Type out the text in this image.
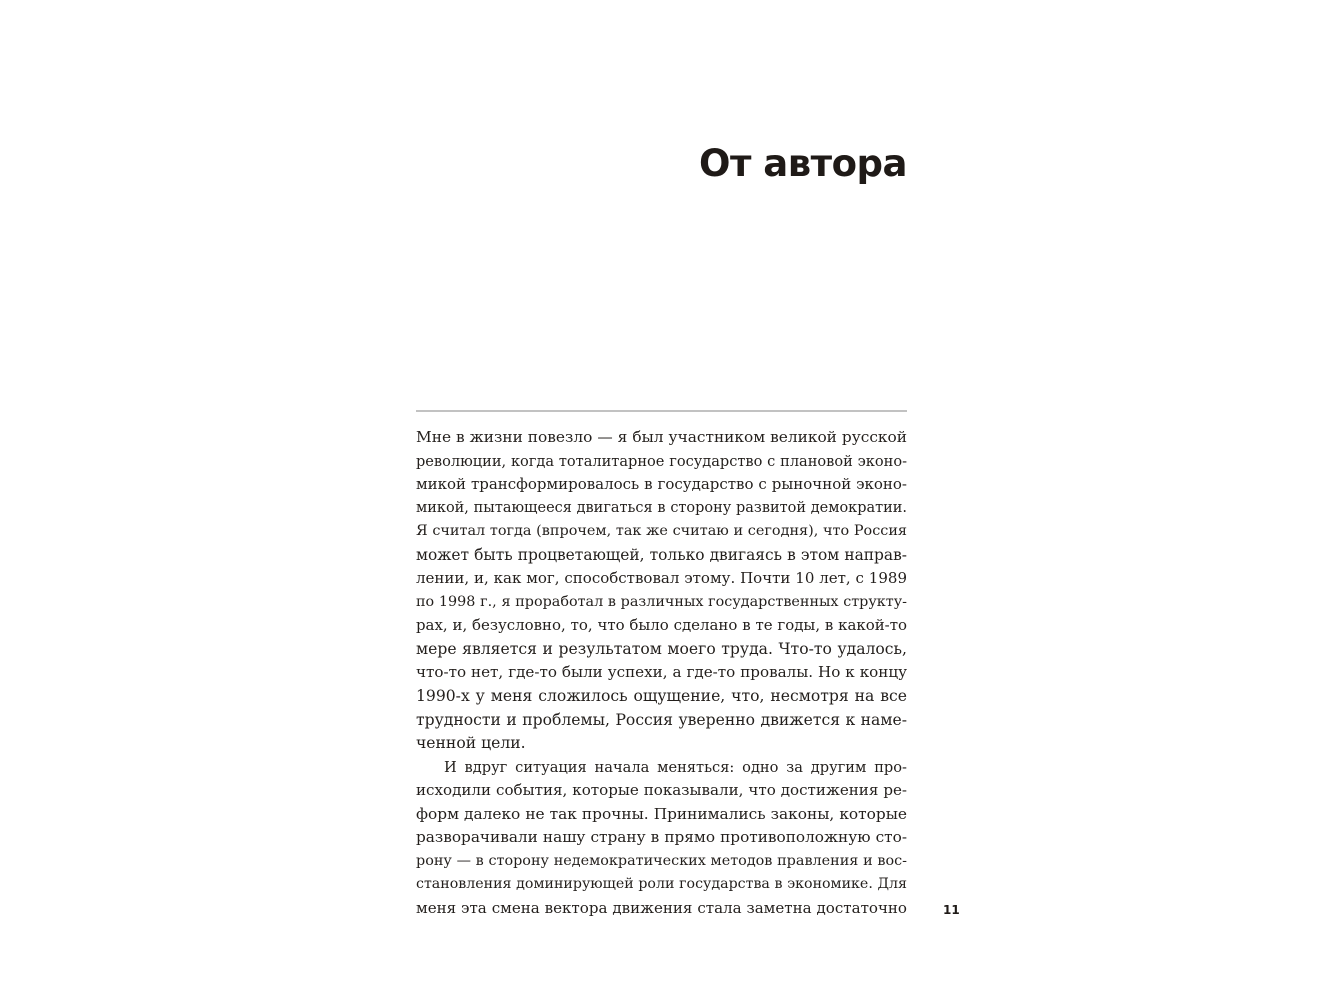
От автора
Мне в жизни повезло — я был участником великой русской
революции, когда тоталитарное государство с плановой эконо-
микой трансформировалось в государство с рыночной эконо-
микой, пытающееся двигаться в сторону развитой демократии.
Я считал тогда (впрочем, так же считаю и сегодня), что Россия
может быть процветающей, только двигаясь в этом направ-
лении, и, как мог, способствовал этому. Почти 10 лет, с 1989
по 1998 г., я проработал в различных государственных структу-
рах, и, безусловно, то, что было сделано в те годы, в какой-то
мере является и результатом моего труда. Что-то удалось,
что-то нет, где-то были успехи, а где-то провалы. Но к концу
1990-х у меня сложилось ощущение, что, несмотря на все
трудности и проблемы, Россия уверенно движется к наме-
ченной цели.
И вдруг ситуация начала меняться: одно за другим про-
исходили события, которые показывали, что достижения ре-
форм далеко не так прочны. Принимались законы, которые
разворачивали нашу страну в прямо противоположную сто-
рону — в сторону недемократических методов правления и вос-
становления доминирующей роли государства в экономике. Для
меня эта смена вектора движения стала заметна достаточно	11
